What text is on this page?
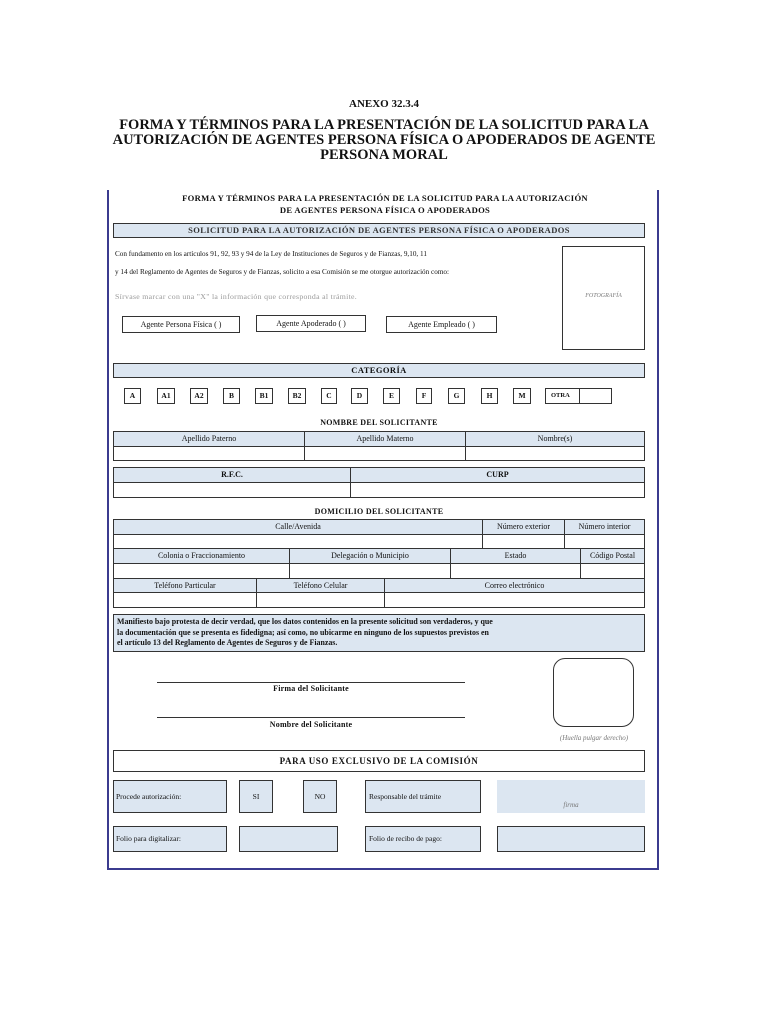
ANEXO 32.3.4
FORMA Y TÉRMINOS PARA LA PRESENTACIÓN DE LA SOLICITUD PARA LA
AUTORIZACIÓN DE AGENTES PERSONA FÍSICA O APODERADOS DE AGENTE
PERSONA MORAL
FORMA Y TÉRMINOS PARA LA PRESENTACIÓN DE LA SOLICITUD PARA LA AUTORIZACIÓN
DE AGENTES PERSONA FÍSICA O APODERADOS
SOLICITUD PARA LA AUTORIZACIÓN DE AGENTES PERSONA FÍSICA O APODERADOS
Con fundamento en los artículos 91, 92, 93 y 94 de la Ley de Instituciones de Seguros y de Fianzas, 9,10, 11
y 14 del Reglamento de Agentes de Seguros y de Fianzas, solicito a esa Comisión se me otorgue autorización como:
Sírvase marcar con una "X" la información que corresponda al trámite.	FOTOGRAFÍA
Agente Persona Física ( )	Agente Apoderado ( )	Agente Empleado ( )
CATEGORÍA
A	A1	A2	B	B1	B2	C	D	E	F	G	H	M	OTRA
NOMBRE DEL SOLICITANTE
Apellido Paterno	Apellido Materno	Nombre(s)
R.F.C.	CURP
DOMICILIO DEL SOLICITANTE
Calle/Avenida	Número exterior	Número interior
Colonia o Fraccionamiento	Delegación o Municipio	Estado	Código Postal
Teléfono Particular	Teléfono Celular	Correo electrónico
Manifiesto bajo protesta de decir verdad, que los datos contenidos en la presente solicitud son verdaderos, y que
la documentación que se presenta es fidedigna; así como, no ubicarme en ninguno de los supuestos previstos en
el artículo 13 del Reglamento de Agentes de Seguros y de Fianzas.
Firma del Solicitante
Nombre del Solicitante
(Huella pulgar derecho)
PARA USO EXCLUSIVO DE LA COMISIÓN
Procede autorización:	SI	NO	Responsable del trámite
firma
Folio para digitalizar:	Folio de recibo de pago:
